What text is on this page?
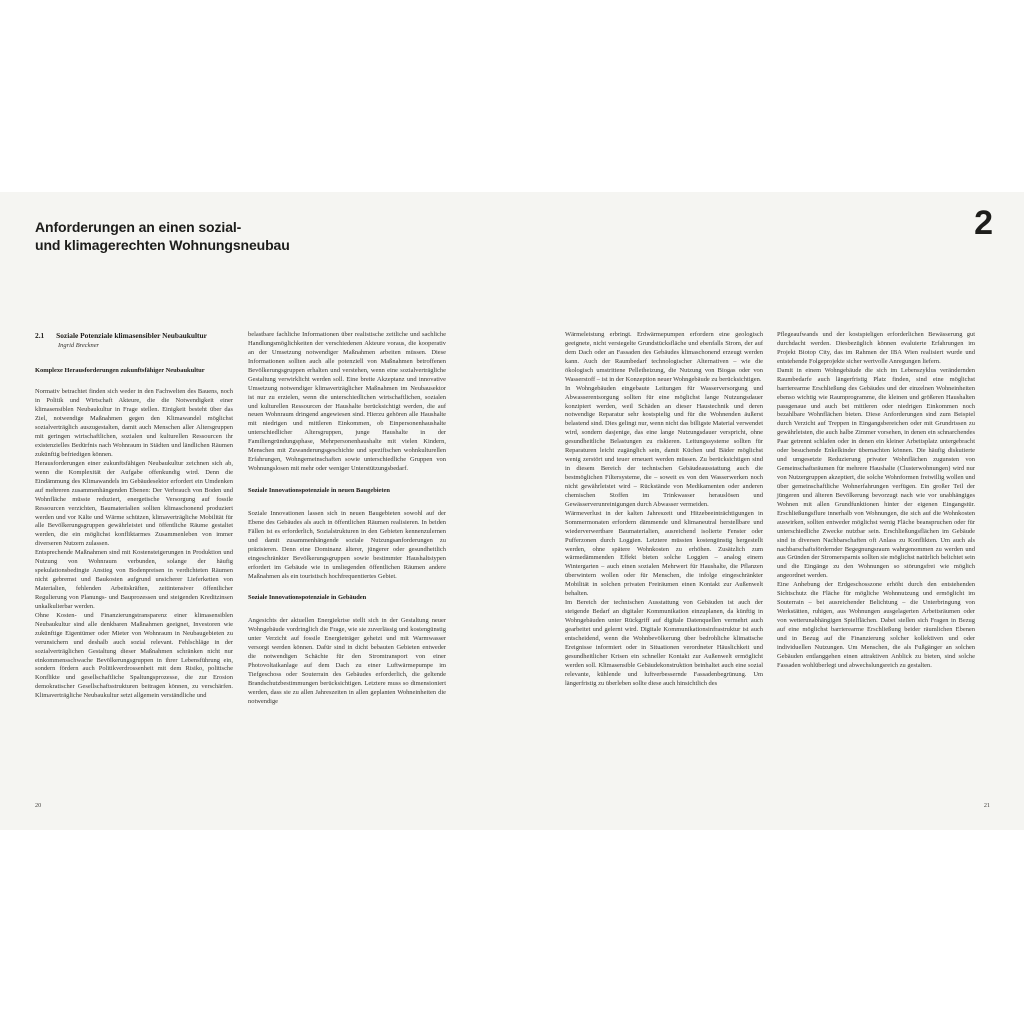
Anforderungen an einen sozial-
und klimagerechten Wohnungsneubau
2
2.1 Soziale Potenziale klimasensibler Neubaukultur
Ingrid Breckner
Komplexe Herausforderungen zukunftsfähiger Neubaukultur

Normativ betrachtet finden sich weder in den Fachwelten des Bauens, noch in Politik und Wirtschaft Akteure, die die Notwendigkeit einer klimasensiblen Neubaukultur in Frage stellen. Einigkeit besteht über das Ziel, notwendige Maßnahmen gegen den Klimawandel möglichst sozialverträglich auszugestalten, damit auch Menschen aller Altersgruppen mit geringen wirtschaftlichen, sozialen und kulturellen Ressourcen ihr existenzielles Bedürfnis nach Wohnraum in Städten und ländlichen Räumen zukünftig befriedigen können.

Herausforderungen einer zukunftsfähigen Neubaukultur zeichnen sich ab, wenn die Komplexität der Aufgabe offenkundig wird. Denn die Eindämmung des Klimawandels im Gebäudesektor erfordert ein Umdenken auf mehreren zusammenhängenden Ebenen: Der Verbrauch von Boden und Wohnfläche müsste reduziert, energetische Versorgung auf fossile Ressourcen verzichten, Baumaterialien sollten klimaschonend produziert werden und vor Kälte und Wärme schützen, klimaverträgliche Mobilität für alle Bevölkerungsgruppen gewährleistet und öffentliche Räume gestaltet werden, die ein möglichst konfliktarmes Zusammenleben von immer diverseren Nutzern zulassen.

Entsprechende Maßnahmen sind mit Kostensteigerungen in Produktion und Nutzung von Wohnraum verbunden, solange der häufig spekulationsbedingte Anstieg von Bodenpreisen in verdichteten Räumen nicht gebremst und Baukosten aufgrund unsicherer Lieferketten von Materialien, fehlenden Arbeitskräften, zeitintensiver öffentlicher Regulierung von Planungs- und Bauprozessen und steigenden Kreditzinsen unkalkulierbar werden.

Ohne Kosten- und Finanzierungstransparenz einer klimasensiblen Neubaukultur sind alle denkbaren Maßnahmen geeignet, Investoren wie zukünftige Eigentümer oder Mieter von Wohnraum in Neubaugebieten zu verunsichern und deshalb auch sozial relevant. Fehlschläge in der sozialverträglichen Gestaltung dieser Maßnahmen schränken nicht nur einkommensschwache Bevölkerungsgruppen in ihrer Lebensführung ein, sondern fördern auch Politikverdrossenheit mit dem Risiko, politische Konflikte und gesellschaftliche Spaltungsprozesse, die zur Erosion demokratischer Gesellschaftsstrukturen beitragen können, zu verschärfen. Klimaverträgliche Neubaukultur setzt allgemein verständliche und

belastbare fachliche Informationen über realistische zeitliche und sachliche Handlungsmöglichkeiten der verschiedenen Akteure voraus, die kooperativ an der Umsetzung notwendiger Maßnahmen arbeiten müssen. Diese Informationen sollten auch alle potenziell von Maßnahmen betroffenen Bevölkerungsgruppen erhalten und verstehen, wenn eine sozialverträgliche Gestaltung verwirklicht werden soll. Eine breite Akzeptanz und innovative Umsetzung notwendiger klimaverträglicher Maßnahmen im Neubausektor ist nur zu erzielen, wenn die unterschiedlichen wirtschaftlichen, sozialen und kulturellen Ressourcen der Haushalte berücksichtigt werden, die auf neuen Wohnraum dringend angewiesen sind. Hierzu gehören alle Haushalte mit niedrigen und mittleren Einkommen, ob Einpersonenhaushalte unterschiedlicher Altersgruppen, junge Haushalte in der Familiengründungsphase, Mehrpersonenhaushalte mit vielen Kindern, Menschen mit Zuwanderungsgeschichte und spezifischen wohnkulturellen Erfahrungen, Wohngemeinschaften sowie unterschiedliche Gruppen von Wohnungslosen mit mehr oder weniger Unterstützungsbedarf.

Soziale Innovationspotenziale in neuen Baugebieten

Soziale Innovationen lassen sich in neuen Baugebieten sowohl auf der Ebene des Gebäudes als auch in öffentlichen Räumen realisieren. In beiden Fällen ist es erforderlich, Sozialstrukturen in den Gebieten kennenzulernen und damit zusammenhängende soziale Nutzungsanforderungen zu präzisieren. Denn eine Dominanz älterer, jüngerer oder gesundheitlich eingeschränkter Bevölkerungsgruppen sowie bestimmter Haushaltstypen erfordert im Gebäude wie in umliegenden öffentlichen Räumen andere Maßnahmen als ein touristisch hochfrequentiertes Gebiet.

Soziale Innovationspotenziale in Gebäuden

Angesichts der aktuellen Energiekrise stellt sich in der Gestaltung neuer Wohngebäude vordringlich die Frage, wie sie zuverlässig und kostengünstig unter Verzicht auf fossile Energieträger geheizt und mit Warmwasser versorgt werden können. Dafür sind in dicht bebauten Gebieten entweder die notwendigen Schächte für den Stromtransport von einer Photovoltaikanlage auf dem Dach zu einer Luftwärmepumpe im Tiefgeschoss oder Souterrain des Gebäudes erforderlich, die geltende Brandschutzbestimmungen berücksichtigen. Letztere muss so dimensioniert werden, dass sie zu allen Jahreszeiten in allen geplanten Wohneinheiten die notwendige

Wärmeleistung erbringt. Erdwärmepumpen erfordern eine geologisch geeignete, nicht versiegelte Grundstücksfläche und ebenfalls Strom, der auf dem Dach oder an Fassaden des Gebäudes klimaschonend erzeugt werden kann. Auch der Raumbedarf technologischer Alternativen – wie die ökologisch umstrittene Pelletheizung, die Nutzung von Biogas oder von Wasserstoff – ist in der Konzeption neuer Wohngebäude zu berücksichtigen.

In Wohngebäuden eingebaute Leitungen für Wasserversorgung und Abwasserentsorgung sollten für eine möglichst lange Nutzungsdauer konzipiert werden, weil Schäden an dieser Haustechnik und deren notwendige Reparatur sehr kostspielig und für die Wohnenden äußerst belastend sind. Dies gelingt nur, wenn nicht das billigste Material verwendet wird, sondern dasjenige, das eine lange Nutzungsdauer verspricht, ohne gesundheitliche Belastungen zu riskieren. Leitungssysteme sollten für Reparaturen leicht zugänglich sein, damit Küchen und Bäder möglichst wenig zerstört und teuer erneuert werden müssen. Zu berücksichtigen sind in diesem Bereich der technischen Gebäudeausstattung auch die bestmöglichen Filtersysteme, die – soweit es von den Wasserwerken noch nicht gewährleistet wird – Rückstände von Medikamenten oder anderen chemischen Stoffen im Trinkwasser herauslösen und Gewässerverunreinigungen durch Abwasser vermeiden.

Wärmeverlust in der kalten Jahreszeit und Hitzebeeinträchtigungen in Sommermonaten erfordern dämmende und klimaneutral herstellbare und wiederverwertbare Baumaterialien, ausreichend isolierte Fenster oder Pufferzonen durch Loggien. Letztere müssten kostengünstig hergestellt werden, ohne spätere Wohnkosten zu erhöhen. Zusätzlich zum wärmedämmenden Effekt bieten solche Loggien – analog einem Wintergarten – auch einen sozialen Mehrwert für Haushalte, die Pflanzen überwintern wollen oder für Menschen, die infolge eingeschränkter Mobilität in solchen privaten Freiräumen einen Kontakt zur Außenwelt behalten.

Im Bereich der technischen Ausstattung von Gebäuden ist auch der steigende Bedarf an digitaler Kommunikation einzuplanen, da künftig in Wohngebäuden unter Rückgriff auf digitale Datenquellen vermehrt auch gearbeitet und gelernt wird. Digitale Kommunikationsinfrastruktur ist auch entscheidend, wenn die Wohnbevölkerung über bedrohliche klimatische Ereignisse informiert oder in Situationen verordneter Häuslichkeit und gesundheitlicher Krisen ein schneller Kontakt zur Außenwelt ermöglicht werden soll. Klimasensible Gebäudekonstruktion beinhaltet auch eine sozial relevante, kühlende und luftverbessernde Fassadenbegrünung. Um längerfristig zu überleben sollte diese auch hinsichtlich des

Pflegeaufwands und der kostspieligen erforderlichen Bewässerung gut durchdacht werden. Diesbezüglich können evaluierte Erfahrungen im Projekt Biotop City, das im Rahmen der IBA Wien realisiert wurde und entstehende Folgeprojekte sicher wertvolle Anregungen liefern.

Damit in einem Wohngebäude die sich im Lebenszyklus verändernden Raumbedarfe auch längerfristig Platz finden, sind eine möglichst barrierearme Erschließung des Gebäudes und der einzelnen Wohneinheiten ebenso wichtig wie Raumprogramme, die kleinen und größeren Haushalten passgenaue und auch bei mittleren oder niedrigen Einkommen noch bezahlbare Wohnflächen bieten. Diese Anforderungen sind zum Beispiel durch Verzicht auf Treppen in Eingangsbereichen oder mit Grundrissen zu gewährleisten, die auch halbe Zimmer vorsehen, in denen ein schnarchendes Paar getrennt schlafen oder in denen ein kleiner Arbeitsplatz untergebracht oder besuchende Enkelkinder übernachten können. Die häufig diskutierte und umgesetzte Reduzierung privater Wohnflächen zugunsten von Gemeinschaftsräumen für mehrere Haushalte (Clusterwohnungen) wird nur von Nutzergruppen akzeptiert, die solche Wohnformen freiwillig wollen und über gemeinschaftliche Wohnerfahrungen verfügen. Ein großer Teil der jüngeren und älteren Bevölkerung bevorzugt nach wie vor unabhängiges Wohnen mit allen Grundfunktionen hinter der eigenen Eingangstür. Erschließungsflure innerhalb von Wohnungen, die sich auf die Wohnkosten auswirken, sollten entweder möglichst wenig Fläche beanspruchen oder für unterschiedliche Zwecke nutzbar sein. Erschließungsflächen im Gebäude sind in diversen Nachbarschaften oft Anlass zu Konflikten. Um auch als nachbarschaftsfördernder Begegnungsraum wahrgenommen zu werden und aus Gründen der Stromersparnis sollten sie möglichst natürlich belichtet sein und die Eingänge zu den Wohnungen so störungsfrei wie möglich angeordnet werden.

Eine Anhebung der Erdgeschosszone erhöht durch den entstehenden Sichtschutz die Fläche für mögliche Wohnnutzung und ermöglicht im Souterrain – bei ausreichender Belichtung – die Unterbringung von Werkstätten, ruhigen, aus Wohnungen ausgelagerten Arbeitsräumen oder von wetterunabhängigen Spielflächen. Dabei stellen sich Fragen in Bezug auf eine möglichst barrierearme Erschließung beider räumlichen Ebenen und in Bezug auf die Finanzierung solcher kollektiven und oder individuellen Nutzungen. Um Menschen, die als Fußgänger an solchen Gebäuden entlanggehen einen attraktiven Anblick zu bieten, sind solche Fassaden wohlüberlegt und abwechslungsreich zu gestalten.

20	21
